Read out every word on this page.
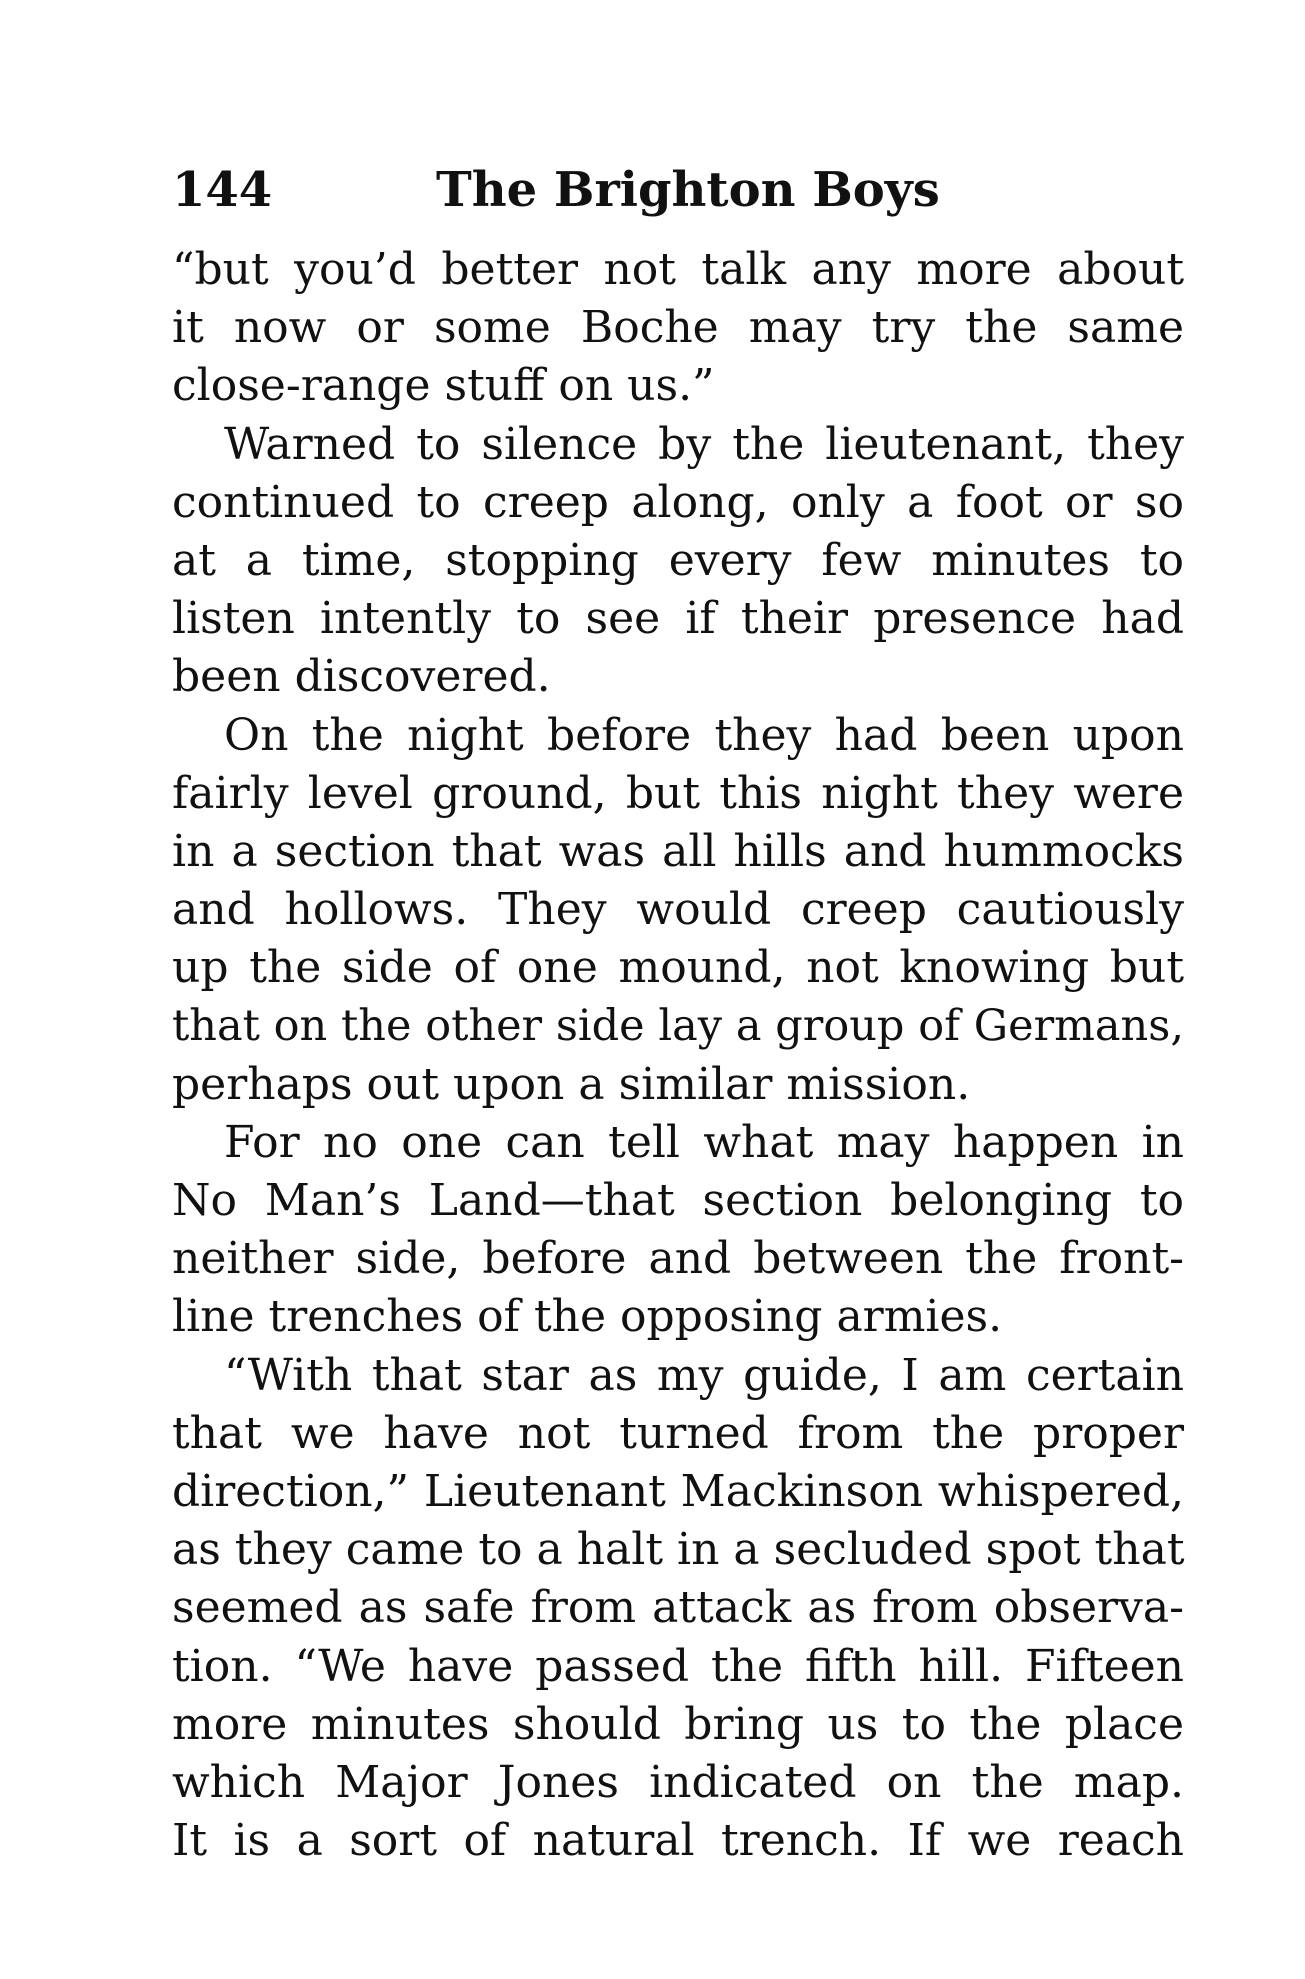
144	The Brighton Boys
“but you’d better not talk any more about
it now or some Boche may try the same
close-range stuff on us.”
Warned to silence by the lieutenant, they
continued to creep along, only a foot or so
at a time, stopping every few minutes to
listen intently to see if their presence had
been discovered.
On the night before they had been upon
fairly level ground, but this night they were
in a section that was all hills and hummocks
and hollows. They would creep cautiously
up the side of one mound, not knowing but
that on the other side lay a group of Germans,
perhaps out upon a similar mission.
For no one can tell what may happen in
No Man’s Land—that section belonging to
neither side, before and between the front-
line trenches of the opposing armies.
“With that star as my guide, I am certain
that we have not turned from the proper
direction,” Lieutenant Mackinson whispered,
as they came to a halt in a secluded spot that
seemed as safe from attack as from observa-
tion. “We have passed the fifth hill. Fifteen
more minutes should bring us to the place
which Major Jones indicated on the map.
It is a sort of natural trench. If we reach
